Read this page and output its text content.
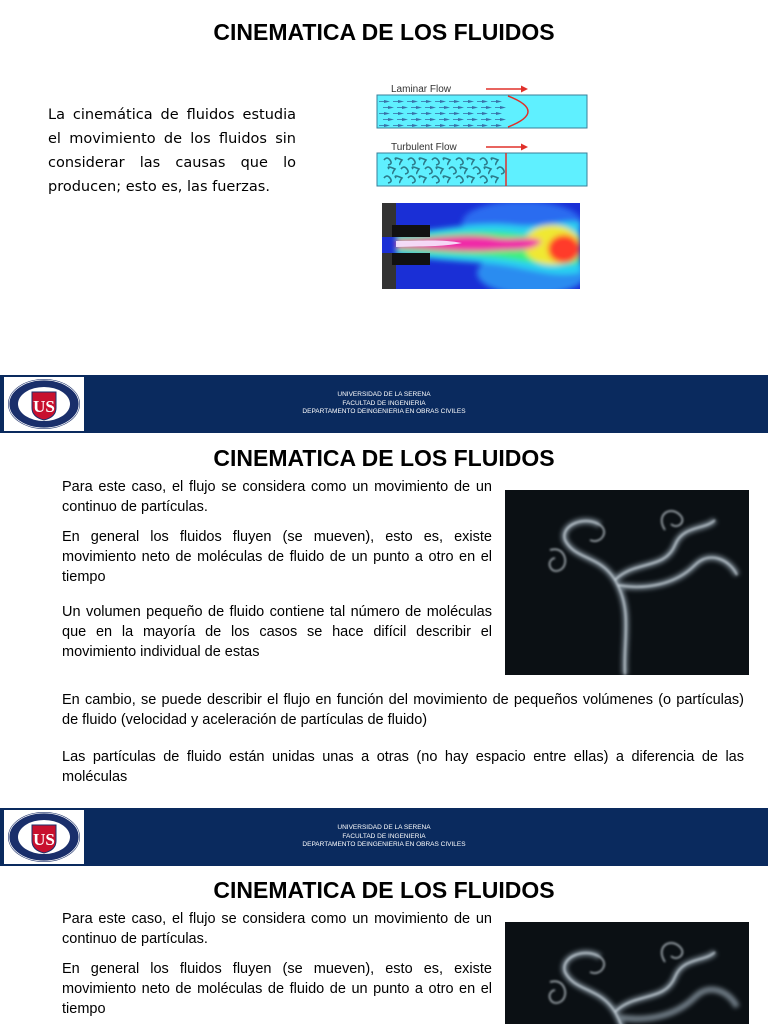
CINEMATICA DE LOS FLUIDOS
La cinemática de fluidos estudia el movimiento de los fluidos sin considerar las causas que lo producen; esto es, las fuerzas.
Laminar Flow
Turbulent Flow
US
UNIVERSIDAD DE LA SERENA
FACULTAD DE INGENIERIA
DEPARTAMENTO DEINGENIERIA EN OBRAS CIVILES
CINEMATICA DE LOS FLUIDOS
Para este caso, el flujo se considera como un movimiento de un continuo de partículas.
En general los fluidos fluyen (se mueven), esto es, existe movimiento neto de moléculas de fluido de un punto a otro en el tiempo
Un volumen pequeño de fluido contiene tal número de moléculas que en la mayoría de los casos se hace difícil describir el movimiento individual de estas
En cambio, se puede describir el flujo en función del movimiento de pequeños volúmenes (o partículas) de fluido (velocidad y aceleración de partículas de fluido)
Las partículas de fluido están unidas unas a otras (no hay espacio entre ellas) a diferencia de las moléculas
US
UNIVERSIDAD DE LA SERENA
FACULTAD DE INGENIERIA
DEPARTAMENTO DEINGENIERIA EN OBRAS CIVILES
CINEMATICA DE LOS FLUIDOS
Para este caso, el flujo se considera como un movimiento de un continuo de partículas.
En general los fluidos fluyen (se mueven), esto es, existe movimiento neto de moléculas de fluido de un punto a otro en el tiempo
